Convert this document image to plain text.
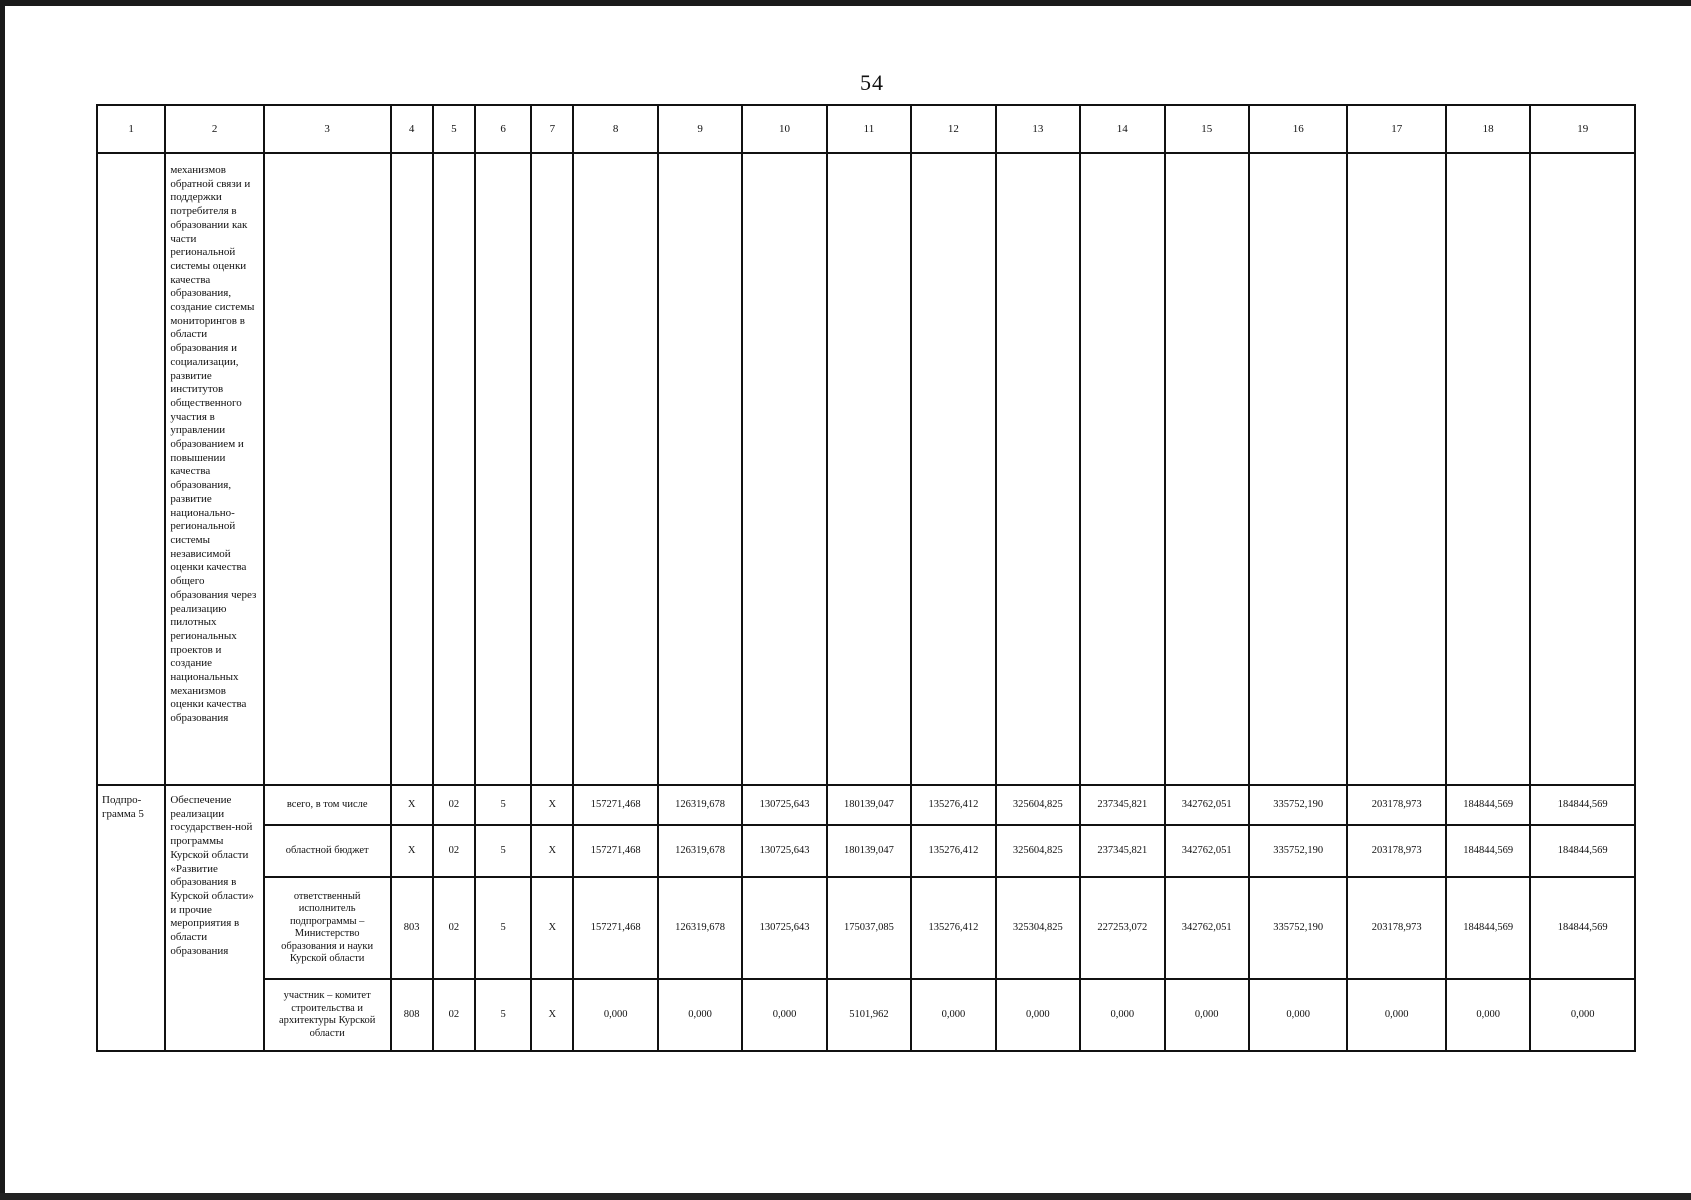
54
1	2	3	4	5	6	7	8	9	10	11	12	13	14	15	16	17	18	19
	механизмов обратной связи и поддержки потребителя в образовании как части региональной системы оценки качества образования, создание системы мониторингов в области образования и социализации, развитие институтов общественного участия в управлении образованием и повышении качества образования, развитие национально-региональной системы независимой оценки качества общего образования через реализацию пилотных региональных проектов и создание национальных механизмов оценки качества образования																	
Подпро-грамма 5	Обеспечение реализации государствен-ной программы Курской области «Развитие образования в Курской области» и прочие мероприятия в области образования	всего, в том числе	Х	02	5	Х	157271,468	126319,678	130725,643	180139,047	135276,412	325604,825	237345,821	342762,051	335752,190	203178,973	184844,569	184844,569
		областной бюджет	Х	02	5	Х	157271,468	126319,678	130725,643	180139,047	135276,412	325604,825	237345,821	342762,051	335752,190	203178,973	184844,569	184844,569
		ответственный исполнитель подпрограммы – Министерство образования и науки Курской области	803	02	5	Х	157271,468	126319,678	130725,643	175037,085	135276,412	325304,825	227253,072	342762,051	335752,190	203178,973	184844,569	184844,569
		участник – комитет строительства и архитектуры Курской области	808	02	5	Х	0,000	0,000	0,000	5101,962	0,000	0,000	0,000	0,000	0,000	0,000	0,000	0,000
